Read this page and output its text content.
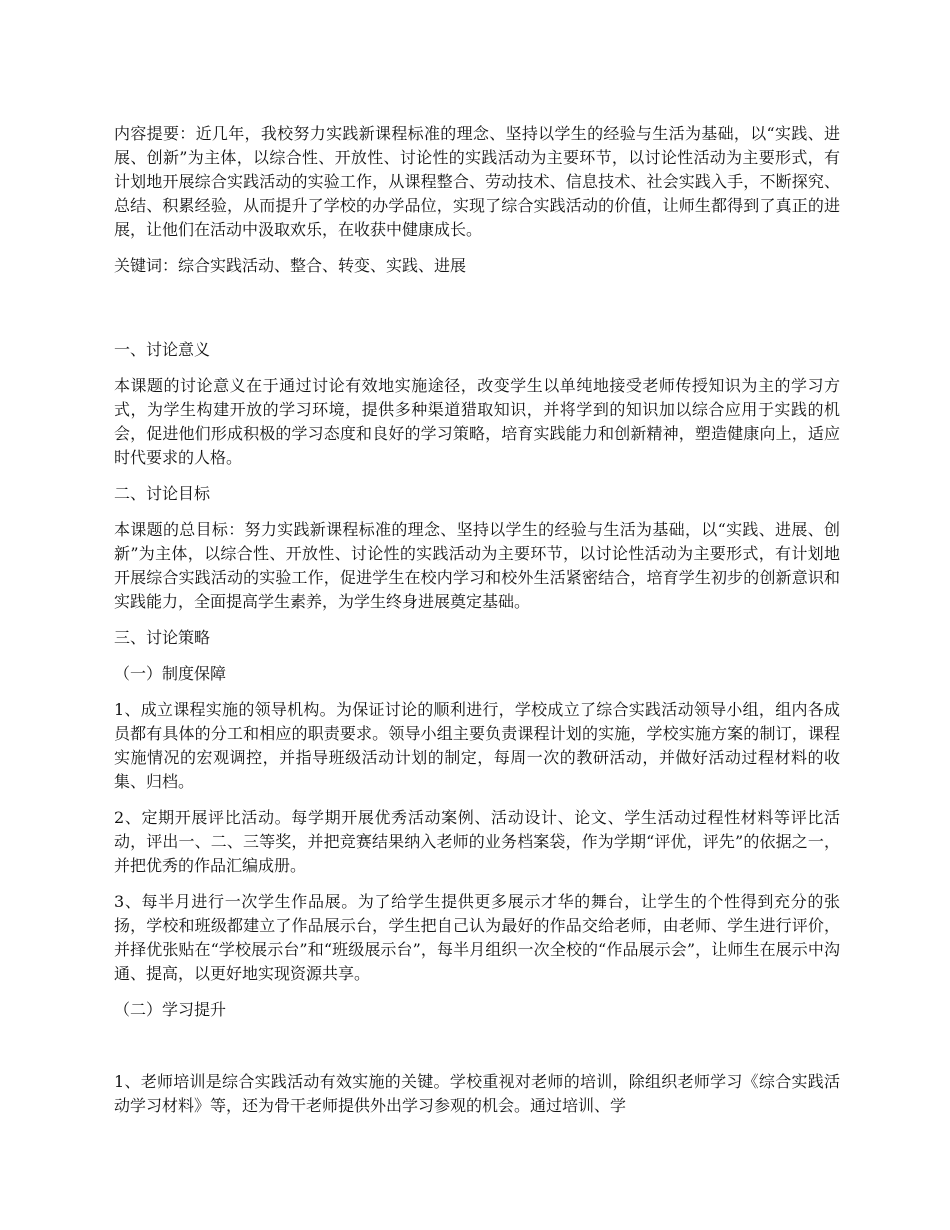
内容提要：近几年，我校努力实践新课程标准的理念、坚持以学生的经验与生活为基础，以“实践、进展、创新”为主体，以综合性、开放性、讨论性的实践活动为主要环节，以讨论性活动为主要形式，有计划地开展综合实践活动的实验工作，从课程整合、劳动技术、信息技术、社会实践入手，不断探究、总结、积累经验，从而提升了学校的办学品位，实现了综合实践活动的价值，让师生都得到了真正的进展，让他们在活动中汲取欢乐，在收获中健康成长。

关键词：综合实践活动、整合、转变、实践、进展

一、讨论意义

本课题的讨论意义在于通过讨论有效地实施途径，改变学生以单纯地接受老师传授知识为主的学习方式，为学生构建开放的学习环境，提供多种渠道猎取知识，并将学到的知识加以综合应用于实践的机会，促进他们形成积极的学习态度和良好的学习策略，培育实践能力和创新精神，塑造健康向上，适应时代要求的人格。

二、讨论目标

本课题的总目标：努力实践新课程标准的理念、坚持以学生的经验与生活为基础，以“实践、进展、创新”为主体，以综合性、开放性、讨论性的实践活动为主要环节，以讨论性活动为主要形式，有计划地开展综合实践活动的实验工作，促进学生在校内学习和校外生活紧密结合，培育学生初步的创新意识和实践能力，全面提高学生素养，为学生终身进展奠定基础。

三、讨论策略

（一）制度保障

1、成立课程实施的领导机构。为保证讨论的顺利进行，学校成立了综合实践活动领导小组，组内各成员都有具体的分工和相应的职责要求。领导小组主要负责课程计划的实施，学校实施方案的制订，课程实施情况的宏观调控，并指导班级活动计划的制定，每周一次的教研活动，并做好活动过程材料的收集、归档。

2、定期开展评比活动。每学期开展优秀活动案例、活动设计、论文、学生活动过程性材料等评比活动，评出一、二、三等奖，并把竞赛结果纳入老师的业务档案袋，作为学期“评优，评先”的依据之一，并把优秀的作品汇编成册。

3、每半月进行一次学生作品展。为了给学生提供更多展示才华的舞台，让学生的个性得到充分的张扬，学校和班级都建立了作品展示台，学生把自己认为最好的作品交给老师，由老师、学生进行评价，并择优张贴在“学校展示台”和“班级展示台”，每半月组织一次全校的“作品展示会”，让师生在展示中沟通、提高，以更好地实现资源共享。

（二）学习提升

1、老师培训是综合实践活动有效实施的关键。学校重视对老师的培训，除组织老师学习《综合实践活动学习材料》等，还为骨干老师提供外出学习参观的机会。通过培训、学
